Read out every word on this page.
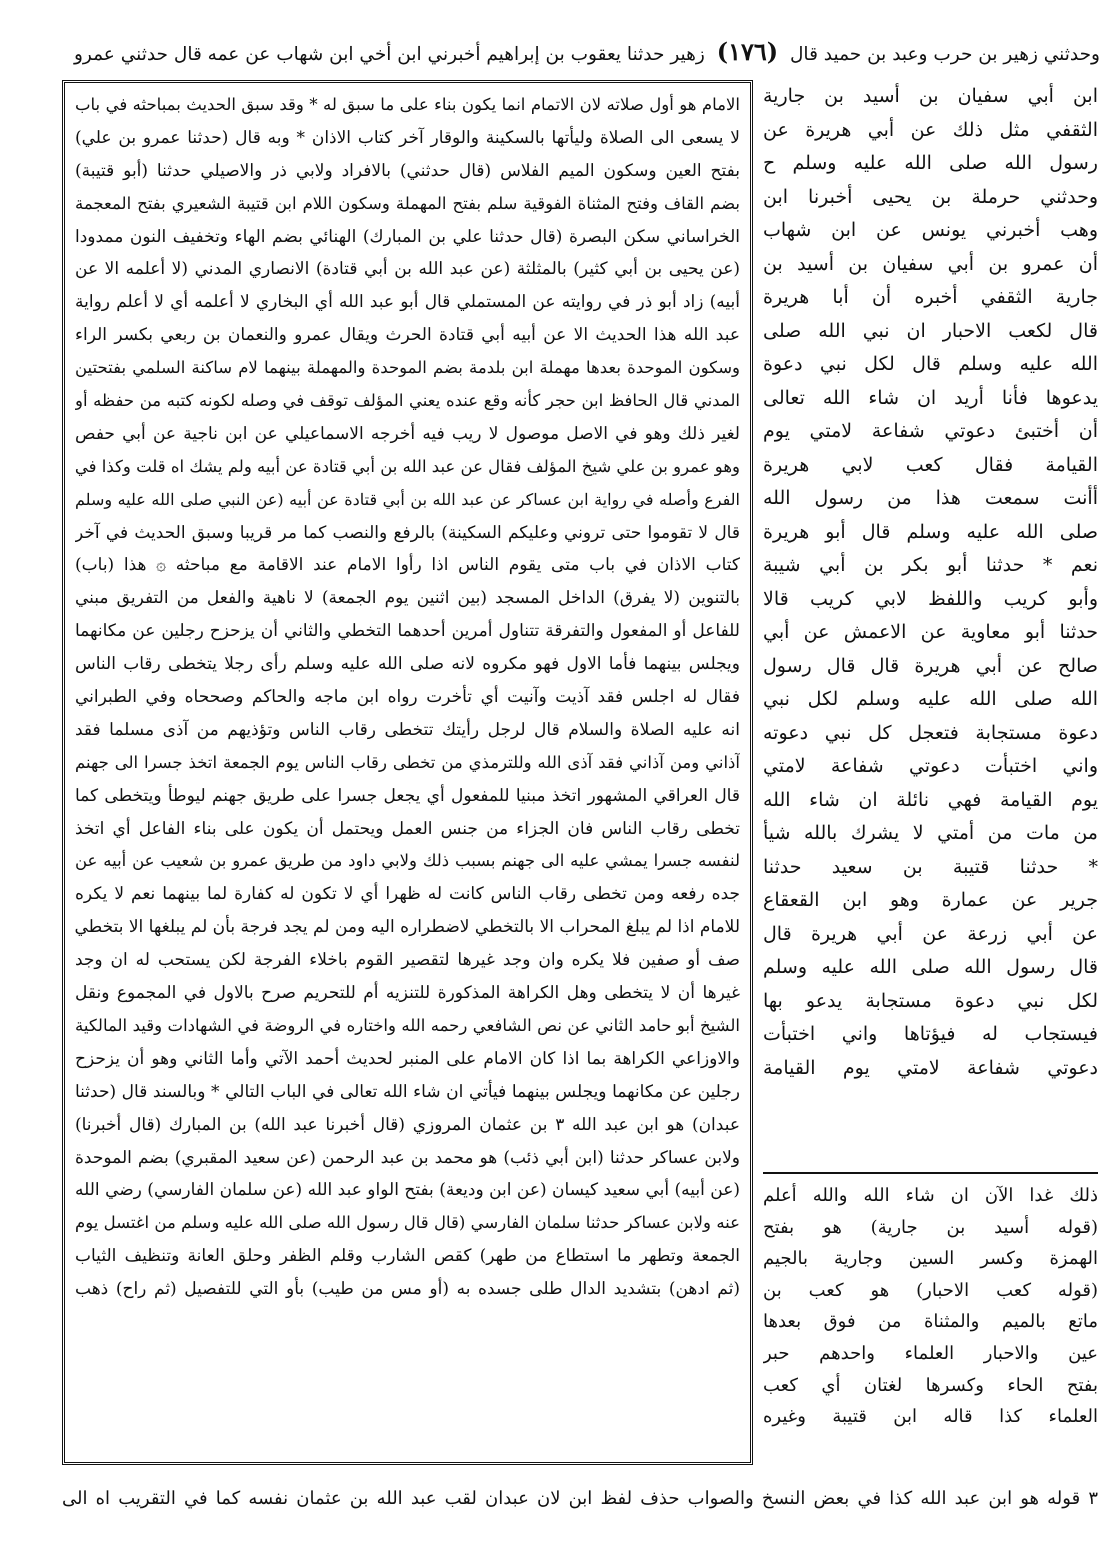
وحدثني زهير بن حرب وعبد بن حميد قال (١٧٦) زهير حدثنا يعقوب بن إبراهيم أخبرني ابن أخي ابن شهاب عن عمه قال حدثني عمرو

الامام هو أول صلاته لان الاتمام انما يكون بناء على ما سبق له * وقد سبق الحديث بمباحثه في باب

لا يسعى الى الصلاة وليأتها بالسكينة والوقار آخر كتاب الاذان * وبه قال (حدثنا عمرو بن علي)

بفتح العين وسكون الميم الفلاس (قال حدثني) بالافراد ولابي ذر والاصيلي حدثنا (أبو قتيبة)

بضم القاف وفتح المثناة الفوقية سلم بفتح المهملة وسكون اللام ابن قتيبة الشعيري بفتح المعجمة

الخراساني سكن البصرة (قال حدثنا علي بن المبارك) الهنائي بضم الهاء وتخفيف النون ممدودا

(عن يحيى بن أبي كثير) بالمثلثة (عن عبد الله بن أبي قتادة) الانصاري المدني (لا أعلمه الا عن

أبيه) زاد أبو ذر في روايته عن المستملي قال أبو عبد الله أي البخاري لا أعلمه أي لا أعلم رواية

عبد الله هذا الحديث الا عن أبيه أبي قتادة الحرث ويقال عمرو والنعمان بن ربعي بكسر الراء

وسكون الموحدة بعدها مهملة ابن بلدمة بضم الموحدة والمهملة بينهما لام ساكنة السلمي بفتحتين

المدني قال الحافظ ابن حجر كأنه وقع عنده يعني المؤلف توقف في وصله لكونه كتبه من حفظه أو

لغير ذلك وهو في الاصل موصول لا ريب فيه أخرجه الاسماعيلي عن ابن ناجية عن أبي حفص

وهو عمرو بن علي شيخ المؤلف فقال عن عبد الله بن أبي قتادة عن أبيه ولم يشك اه قلت وكذا في

الفرع وأصله في رواية ابن عساكر عن عبد الله بن أبي قتادة عن أبيه (عن النبي صلى الله عليه وسلم

قال لا تقوموا حتى تروني وعليكم السكينة) بالرفع والنصب كما مر قريبا وسبق الحديث في آخر

كتاب الاذان في باب متى يقوم الناس اذا رأوا الامام عند الاقامة مع مباحثه ۞ هذا (باب)

بالتنوين (لا يفرق) الداخل المسجد (بين اثنين يوم الجمعة) لا ناهية والفعل من التفريق مبني

للفاعل أو المفعول والتفرقة تتناول أمرين أحدهما التخطي والثاني أن يزحزح رجلين عن مكانهما

ويجلس بينهما فأما الاول فهو مكروه لانه صلى الله عليه وسلم رأى رجلا يتخطى رقاب الناس

فقال له اجلس فقد آذيت وآنيت أي تأخرت رواه ابن ماجه والحاكم وصححاه وفي الطبراني

انه عليه الصلاة والسلام قال لرجل رأيتك تتخطى رقاب الناس وتؤذيهم من آذى مسلما فقد

آذاني ومن آذاني فقد آذى الله وللترمذي من تخطى رقاب الناس يوم الجمعة اتخذ جسرا الى جهنم

قال العراقي المشهور اتخذ مبنيا للمفعول أي يجعل جسرا على طريق جهنم ليوطأ ويتخطى كما

تخطى رقاب الناس فان الجزاء من جنس العمل ويحتمل أن يكون على بناء الفاعل أي اتخذ

لنفسه جسرا يمشي عليه الى جهنم بسبب ذلك ولابي داود من طريق عمرو بن شعيب عن أبيه عن

جده رفعه ومن تخطى رقاب الناس كانت له ظهرا أي لا تكون له كفارة لما بينهما نعم لا يكره

للامام اذا لم يبلغ المحراب الا بالتخطي لاضطراره اليه ومن لم يجد فرجة بأن لم يبلغها الا بتخطي

صف أو صفين فلا يكره وان وجد غيرها لتقصير القوم باخلاء الفرجة لكن يستحب له ان وجد

غيرها أن لا يتخطى وهل الكراهة المذكورة للتنزيه أم للتحريم صرح بالاول في المجموع ونقل

الشيخ أبو حامد الثاني عن نص الشافعي رحمه الله واختاره في الروضة في الشهادات وقيد المالكية

والاوزاعي الكراهة بما اذا كان الامام على المنبر لحديث أحمد الآتي وأما الثاني وهو أن يزحزح

رجلين عن مكانهما ويجلس بينهما فيأتي ان شاء الله تعالى في الباب التالي * وبالسند قال (حدثنا

عبدان) هو ابن عبد الله ٣ بن عثمان المروزي (قال أخبرنا عبد الله) بن المبارك (قال أخبرنا)

ولابن عساكر حدثنا (ابن أبي ذئب) هو محمد بن عبد الرحمن (عن سعيد المقبري) بضم الموحدة

(عن أبيه) أبي سعيد كيسان (عن ابن وديعة) بفتح الواو عبد الله (عن سلمان الفارسي) رضي الله

عنه ولابن عساكر حدثنا سلمان الفارسي (قال قال رسول الله صلى الله عليه وسلم من اغتسل يوم

الجمعة وتطهر ما استطاع من طهر) كقص الشارب وقلم الظفر وحلق العانة وتنظيف الثياب

(ثم ادهن) بتشديد الدال طلى جسده به (أو مس من طيب) بأو التي للتفصيل (ثم راح) ذهب

ابن أبي سفيان بن أسيد بن جارية

الثقفي مثل ذلك عن أبي هريرة عن

رسول الله صلى الله عليه وسلم ح

وحدثني حرملة بن يحيى أخبرنا ابن

وهب أخبرني يونس عن ابن شهاب

أن عمرو بن أبي سفيان بن أسيد بن

جارية الثقفي أخبره أن أبا هريرة

قال لكعب الاحبار ان نبي الله صلى

الله عليه وسلم قال لكل نبي دعوة

يدعوها فأنا أريد ان شاء الله تعالى

أن أختبئ دعوتي شفاعة لامتي يوم

القيامة فقال كعب لابي هريرة

أأنت سمعت هذا من رسول الله

صلى الله عليه وسلم قال أبو هريرة

نعم * حدثنا أبو بكر بن أبي شيبة

وأبو كريب واللفظ لابي كريب قالا

حدثنا أبو معاوية عن الاعمش عن أبي

صالح عن أبي هريرة قال قال رسول

الله صلى الله عليه وسلم لكل نبي

دعوة مستجابة فتعجل كل نبي دعوته

واني اختبأت دعوتي شفاعة لامتي

يوم القيامة فهي نائلة ان شاء الله

من مات من أمتي لا يشرك بالله شيأ

* حدثنا قتيبة بن سعيد حدثنا

جرير عن عمارة وهو ابن القعقاع

عن أبي زرعة عن أبي هريرة قال

قال رسول الله صلى الله عليه وسلم

لكل نبي دعوة مستجابة يدعو بها

فيستجاب له فيؤتاها واني اختبأت

دعوتي شفاعة لامتي يوم القيامة

ذلك غدا الآن ان شاء الله والله أعلم

(قوله أسيد بن جارية) هو بفتح

الهمزة وكسر السين وجارية بالجيم

(قوله كعب الاحبار) هو كعب بن

ماتع بالميم والمثناة من فوق بعدها

عين والاحبار العلماء واحدهم حبر

بفتح الحاء وكسرها لغتان أي كعب

العلماء كذا قاله ابن قتيبة وغيره

٣ قوله هو ابن عبد الله كذا في بعض النسخ والصواب حذف لفظ ابن لان عبدان لقب عبد الله بن عثمان نفسه كما في التقريب اه الى
